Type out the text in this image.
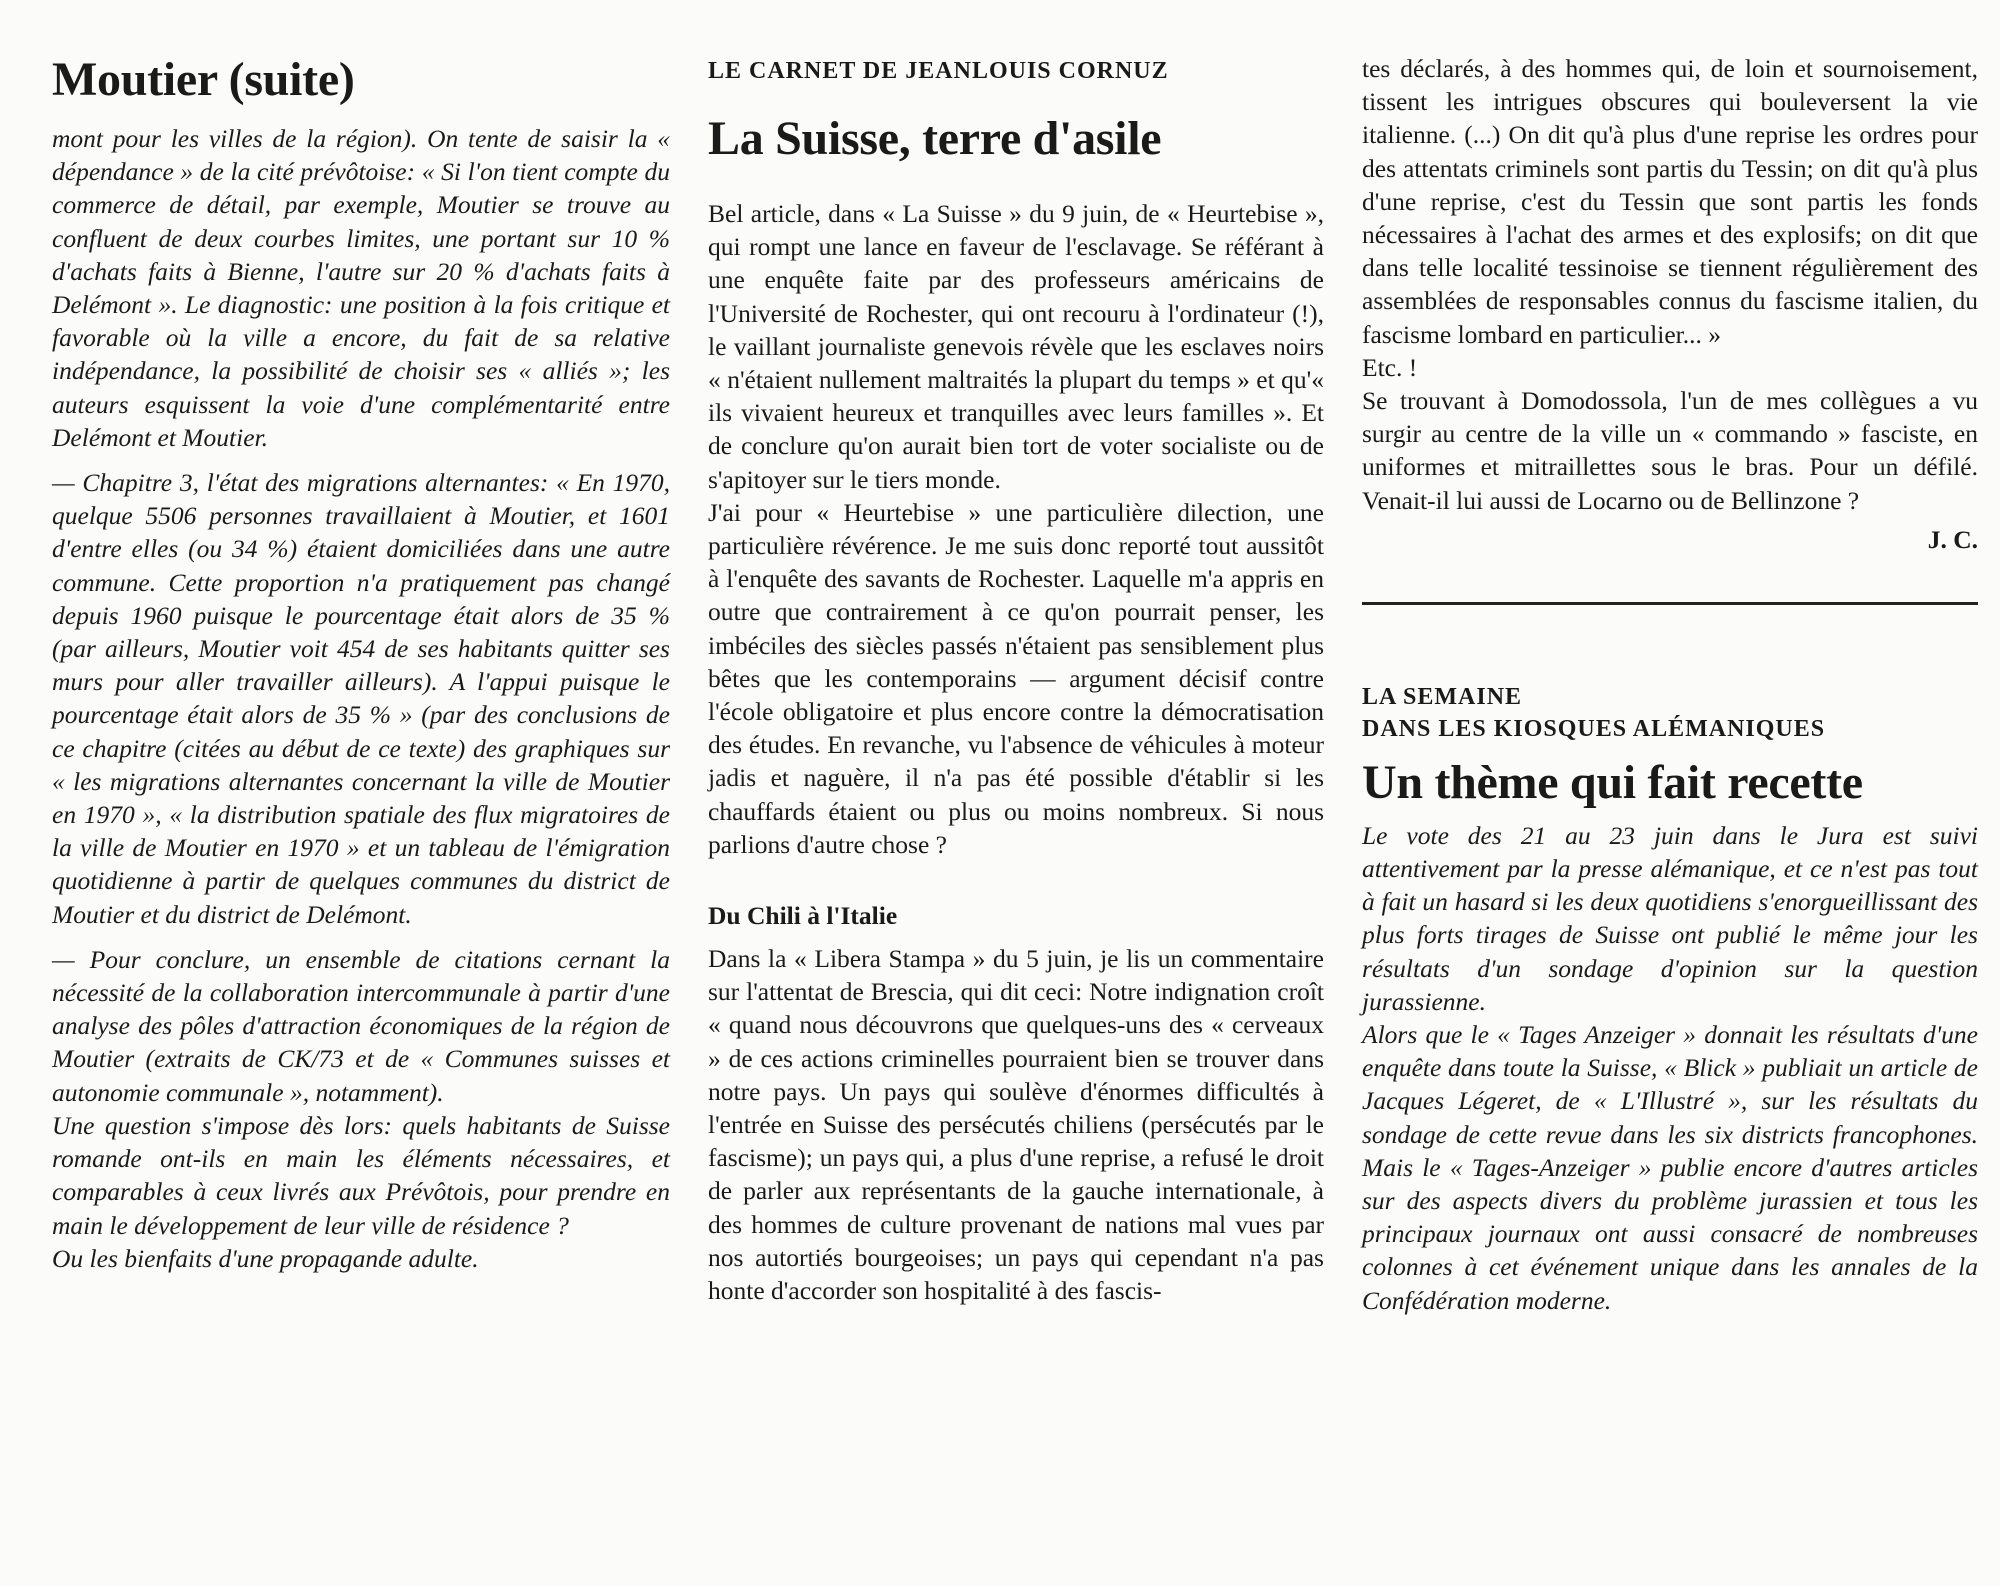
Moutier (suite)

mont pour les villes de la région). On tente de saisir la « dépendance » de la cité prévôtoise: « Si l'on tient compte du commerce de détail, par exemple, Moutier se trouve au confluent de deux courbes limites, une portant sur 10 % d'achats faits à Bienne, l'autre sur 20 % d'achats faits à Delémont ». Le diagnostic: une position à la fois critique et favorable où la ville a encore, du fait de sa relative indépendance, la possibilité de choisir ses « alliés »; les auteurs esquissent la voie d'une complémentarité entre Delémont et Moutier.

— Chapitre 3, l'état des migrations alternantes: « En 1970, quelque 5506 personnes travaillaient à Moutier, et 1601 d'entre elles (ou 34 %) étaient domiciliées dans une autre commune. Cette proportion n'a pratiquement pas changé depuis 1960 puisque le pourcentage était alors de 35 % (par ailleurs, Moutier voit 454 de ses habitants quitter ses murs pour aller travailler ailleurs). A l'appui puisque le pourcentage était alors de 35 % » (par des conclusions de ce chapitre (citées au début de ce texte) des graphiques sur « les migrations alternantes concernant la ville de Moutier en 1970 », « la distribution spatiale des flux migratoires de la ville de Moutier en 1970 » et un tableau de l'émigration quotidienne à partir de quelques communes du district de Moutier et du district de Delémont.

— Pour conclure, un ensemble de citations cernant la nécessité de la collaboration intercommunale à partir d'une analyse des pôles d'attraction économiques de la région de Moutier (extraits de CK/73 et de « Communes suisses et autonomie communale », notamment).

Une question s'impose dès lors: quels habitants de Suisse romande ont-ils en main les éléments nécessaires, et comparables à ceux livrés aux Prévôtois, pour prendre en main le développement de leur ville de résidence ?

Ou les bienfaits d'une propagande adulte.

LE CARNET DE JEANLOUIS CORNUZ

La Suisse, terre d'asile

Bel article, dans « La Suisse » du 9 juin, de « Heurtebise », qui rompt une lance en faveur de l'esclavage. Se référant à une enquête faite par des professeurs américains de l'Université de Rochester, qui ont recouru à l'ordinateur (!), le vaillant journaliste genevois révèle que les esclaves noirs « n'étaient nullement maltraités la plupart du temps » et qu'« ils vivaient heureux et tranquilles avec leurs familles ». Et de conclure qu'on aurait bien tort de voter socialiste ou de s'apitoyer sur le tiers monde.

J'ai pour « Heurtebise » une particulière dilection, une particulière révérence. Je me suis donc reporté tout aussitôt à l'enquête des savants de Rochester. Laquelle m'a appris en outre que contrairement à ce qu'on pourrait penser, les imbéciles des siècles passés n'étaient pas sensiblement plus bêtes que les contemporains — argument décisif contre l'école obligatoire et plus encore contre la démocratisation des études. En revanche, vu l'absence de véhicules à moteur jadis et naguère, il n'a pas été possible d'établir si les chauffards étaient ou plus ou moins nombreux. Si nous parlions d'autre chose ?

Du Chili à l'Italie

Dans la « Libera Stampa » du 5 juin, je lis un commentaire sur l'attentat de Brescia, qui dit ceci: Notre indignation croît « quand nous découvrons que quelques-uns des « cerveaux » de ces actions criminelles pourraient bien se trouver dans notre pays. Un pays qui soulève d'énormes difficultés à l'entrée en Suisse des persécutés chiliens (persécutés par le fascisme); un pays qui, a plus d'une reprise, a refusé le droit de parler aux représentants de la gauche internationale, à des hommes de culture provenant de nations mal vues par nos autortiés bourgeoises; un pays qui cependant n'a pas honte d'accorder son hospitalité à des fascis-

tes déclarés, à des hommes qui, de loin et sournoisement, tissent les intrigues obscures qui bouleversent la vie italienne. (...) On dit qu'à plus d'une reprise les ordres pour des attentats criminels sont partis du Tessin; on dit qu'à plus d'une reprise, c'est du Tessin que sont partis les fonds nécessaires à l'achat des armes et des explosifs; on dit que dans telle localité tessinoise se tiennent régulièrement des assemblées de responsables connus du fascisme italien, du fascisme lombard en particulier... »

Etc. !

Se trouvant à Domodossola, l'un de mes collègues a vu surgir au centre de la ville un « commando » fasciste, en uniformes et mitraillettes sous le bras. Pour un défilé. Venait-il lui aussi de Locarno ou de Bellinzone ?

J. C.

LA SEMAINE

DANS LES KIOSQUES ALÉMANIQUES

Un thème qui fait recette

Le vote des 21 au 23 juin dans le Jura est suivi attentivement par la presse alémanique, et ce n'est pas tout à fait un hasard si les deux quotidiens s'enorgueillissant des plus forts tirages de Suisse ont publié le même jour les résultats d'un sondage d'opinion sur la question jurassienne.

Alors que le « Tages Anzeiger » donnait les résultats d'une enquête dans toute la Suisse, « Blick » publiait un article de Jacques Légeret, de « L'Illustré », sur les résultats du sondage de cette revue dans les six districts francophones. Mais le « Tages-Anzeiger » publie encore d'autres articles sur des aspects divers du problème jurassien et tous les principaux journaux ont aussi consacré de nombreuses colonnes à cet événement unique dans les annales de la Confédération moderne.
